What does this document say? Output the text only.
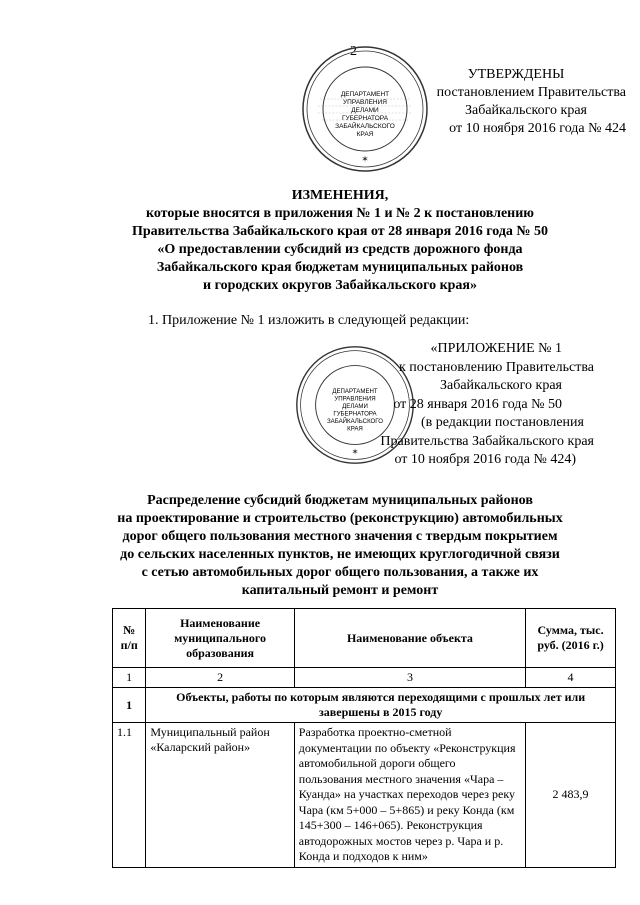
2
ДЕПАРТАМЕНТ
УПРАВЛЕНИЯ
ДЕЛАМИ
ГУБЕРНАТОРА
ЗАБАЙКАЛЬСКОГО
КРАЯ
✶
УТВЕРЖДЕНЫ
постановлением Правительства
Забайкальского края
от 10 ноября 2016 года № 424
ИЗМЕНЕНИЯ,
которые вносятся в приложения № 1 и № 2 к постановлению
Правительства Забайкальского края от 28 января 2016 года № 50
«О предоставлении субсидий из средств дорожного фонда
Забайкальского края бюджетам муниципальных районов
и городских округов Забайкальского края»
1. Приложение № 1 изложить в следующей редакции:
ДЕПАРТАМЕНТ
УПРАВЛЕНИЯ
ДЕЛАМИ
ГУБЕРНАТОРА
ЗАБАЙКАЛЬСКОГО
КРАЯ
✶
«ПРИЛОЖЕНИЕ № 1
к постановлению Правительства
Забайкальского края
от 28 января 2016 года № 50
(в редакции постановления
Правительства Забайкальского края
от 10 ноября 2016 года № 424)
Распределение субсидий бюджетам муниципальных районов
на проектирование и строительство (реконструкцию) автомобильных
дорог общего пользования местного значения с твердым покрытием
до сельских населенных пунктов, не имеющих круглогодичной связи
с сетью автомобильных дорог общего пользования, а также их
капитальный ремонт и ремонт
№ п/п	Наименование муниципального образования	Наименование объекта	Сумма, тыс. руб. (2016 г.)
1	2	3	4
1	Объекты, работы по которым являются переходящими с прошлых лет или завершены в 2015 году		
1.1	Муниципальный район «Каларский район»	Разработка проектно-сметной документации по объекту «Реконструкция автомобильной дороги общего пользования местного значения «Чара – Куанда» на участках переходов через реку Чара (км 5+000 – 5+865) и реку Конда (км 145+300 – 146+065). Реконструкция автодорожных мостов через р. Чара и р. Конда и подходов к ним»	2 483,9
